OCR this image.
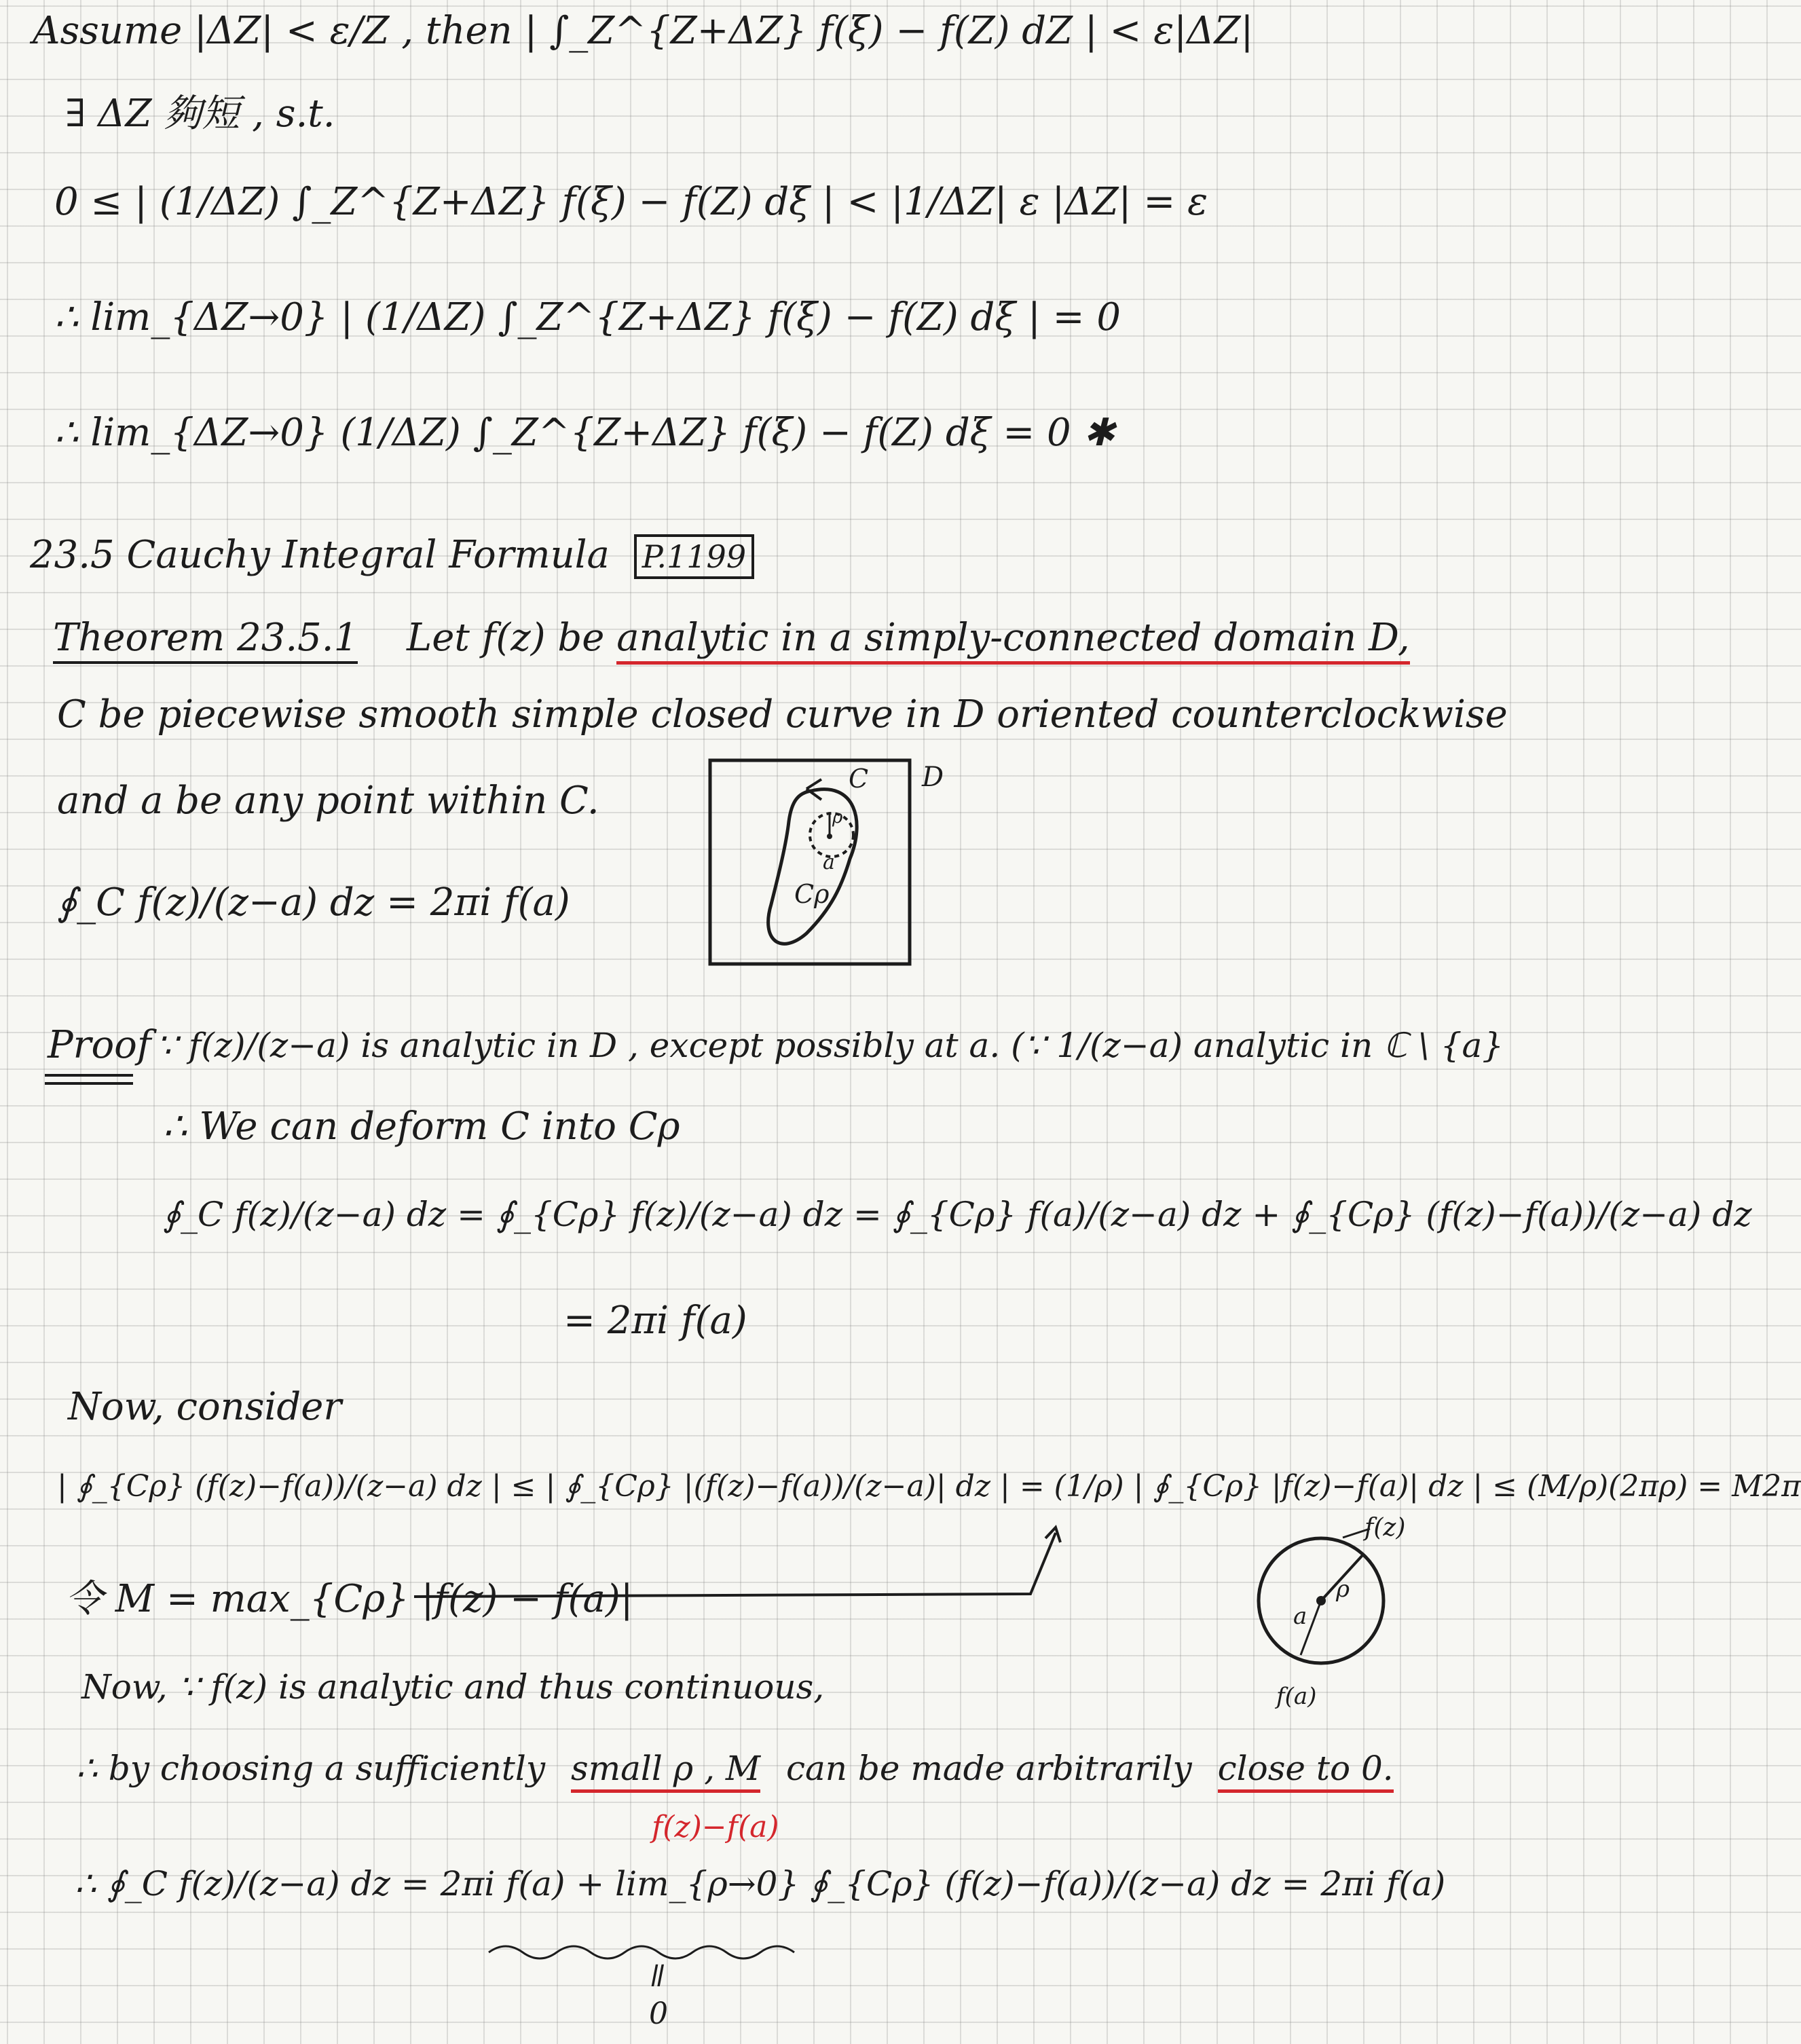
Assume |ΔZ| < ε/Z , then | ∫_Z^{Z+ΔZ} f(ξ) − f(Z) dZ | < ε|ΔZ|
∃ ΔZ 夠短 , s.t.
0 ≤ | (1/ΔZ) ∫_Z^{Z+ΔZ} f(ξ) − f(Z) dξ | < |1/ΔZ| ε |ΔZ| = ε
∴ lim_{ΔZ→0} | (1/ΔZ) ∫_Z^{Z+ΔZ} f(ξ) − f(Z) dξ | = 0
∴ lim_{ΔZ→0} (1/ΔZ) ∫_Z^{Z+ΔZ} f(ξ) − f(Z) dξ = 0 ✱
23.5 Cauchy Integral Formula P.1199
Theorem 23.5.1 Let f(z) be analytic in a simply-connected domain D,
C be piecewise smooth simple closed curve in D oriented counterclockwise
and a be any point within C.
∮_C f(z)/(z−a) dz = 2πi f(a)
D
C
a
ρ
Cρ
Proof ∵ f(z)/(z−a) is analytic in D , except possibly at a. (∵ 1/(z−a) analytic in ℂ \ {a}
∴ We can deform C into Cρ
∮_C f(z)/(z−a) dz = ∮_{Cρ} f(z)/(z−a) dz = ∮_{Cρ} f(a)/(z−a) dz + ∮_{Cρ} (f(z)−f(a))/(z−a) dz
= 2πi f(a)
Now, consider
| ∮_{Cρ} (f(z)−f(a))/(z−a) dz | ≤ | ∮_{Cρ} |(f(z)−f(a))/(z−a)| dz | = (1/ρ) | ∮_{Cρ} |f(z)−f(a)| dz | ≤ (M/ρ)(2πρ) = M2π
令 M = max_{Cρ} |f(z) − f(a)|
f(z)
a
ρ
f(a)
Now, ∵ f(z) is analytic and thus continuous,
∴ by choosing a sufficiently small ρ , M can be made arbitrarily close to 0.
f(z)−f(a)
∴ ∮_C f(z)/(z−a) dz = 2πi f(a) + lim_{ρ→0} ∮_{Cρ} (f(z)−f(a))/(z−a) dz = 2πi f(a)
ǁ
0
